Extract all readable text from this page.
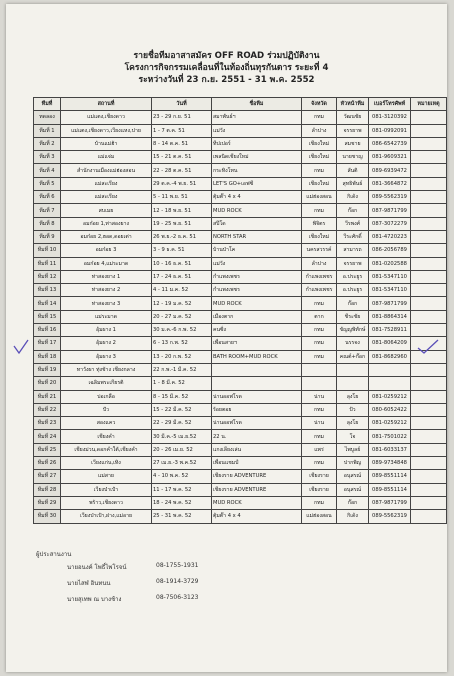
รายชื่อทีมอาสาสมัคร OFF ROAD ร่วมปฏิบัติงาน
โครงการกิจกรรมเคลื่อนที่ในท้องถิ่นทุรกันดาร ระยะที่ 4
ระหว่างวันที่ 23 ก.ย. 2551 - 31 พ.ค. 2552
ทีมที่	สถานที่	วันที่	ชื่อทีม	จังหวัด	หัวหน้าทีม	เบอร์โทรศัพท์	หมายเหตุ
ทดลอง	แม่แตง,เชียงดาว	23 - 29 ก.ย. 51	สมาพันธ์ฯ	กทม	วัฒนชัย	081-3120392	
ทีมที่ 1	แม่แตง,เชียงดาว,เวียงแหง,ปาย	1 - 7 ต.ค. 51	แม่วัง	ลำปาง	จรรยาพ	081-0992091	
ทีมที่ 2	บ้านแม่ฮ้า	8 - 14 ต.ค. 51	ทีปเปอร์	เชียงใหม่	สมชาย	086-6542739	
ทีมที่ 3	แม่แจ่ม	15 - 21 ต.ค. 51	เพลนิดเชียงใหม่	เชียงใหม่	นายชาญ	081-9609321	
ทีมที่ 4	สำนักงานเมืองแม่ฮ่องสอน	22 - 28 ต.ค. 51	กระทิงโทน	กทม	สันติ	089-6939472	
ทีมที่ 5	แม่สะเรียง	29 ต.ค.-4 พ.ย. 51	LET'S GO+เอฟซี	เชียงใหม่	สุทธิพันธ์	081-3664872	
ทีมที่ 6	แม่สะเรียง	5 - 11 พ.ย. 51	ตุ้มต๊า 4 x 4	แม่ฮ่องสอน	กิเด้ง	089-5562319	
ทีมที่ 7	สบเมย	12 - 18 พ.ย. 51	MUD ROCK	กทม	ก๊อก	087-9871799	
ทีมที่ 8	อมก๋อย 1,ท่าสองยาง	19 - 25 พ.ย. 51	สปีโด	พิจิตร	วีรพงศ์	087-3072279	
ทีมที่ 9	อมก๋อย 2,ฮอด,ดอยเต่า	26 พ.ย.-2 ธ.ค. 51	NORTH STAR	เชียงใหม่	วีระศักดิ์	081-4720223	
ทีมที่ 10	อมก๋อย 3	3 - 9 ธ.ค. 51	บ้านป่าโค	นครสวรรค์	สามารถ	086-2056789	
ทีมที่ 11	อมก๋อย 4,แม่ระมาด	10 - 16 ธ.ค. 51	แม่วัง	ลำปาง	จรรยาพ	081-0202588	
ทีมที่ 12	ท่าสองยาง 1	17 - 24 ธ.ค. 51	กำแพงเพชร	กำแพงเพชร	อ.ประยูร	081-5347110	
ทีมที่ 13	ท่าสองยาง 2	4 - 11 ม.ค. 52	กำแพงเพชร	กำแพงเพชร	อ.ประยูร	081-5347110	
ทีมที่ 14	ท่าสองยาง 3	12 - 19 ม.ค. 52	MUD ROCK	กทม	ก๊อก	087-9871799	
ทีมที่ 15	แม่ระมาด	20 - 27 ม.ค. 52	เมืองตาก	ตาก	ชีระชัย	081-8864314	
ทีมที่ 16	อุ้มผาง 1	30 ม.ค.-6 ก.พ. 52	คนซิ่ง	กทม	ขัญญพิทักษ์	081-7528911	
ทีมที่ 17	อุ้มผาง 2	6 - 13 ก.พ. 52	เพื่อนสายฯ	กทม	นรรจง	081-8064209	
ทีมที่ 18	อุ้มผาง 3	13 - 20 ก.พ. 52	BATH ROOM+MUD ROCK	กทม	คณต์+ก๊อก	081-8682960	
ทีมที่ 19	ทาวังผา ทุ่งช้าง เชียงกลาง	22 ก.พ.-1 มี.ค. 52					
ทีมที่ 20	เฉลิมพระเกียรติ	1 - 8 มี.ค. 52					
ทีมที่ 21	บ่อเกลือ	8 - 15 มี.ค. 52	น่านออฟโรด	น่าน	ลุงโย	081-0259212	
ทีมที่ 22	ปัว	15 - 22 มี.ค. 52	ร้อยตอย	กทม	ปัว	080-6052422	
ทีมที่ 23	สองแคว	22 - 29 มี.ค. 52	น่านออฟโรด	น่าน	ลุงโย	081-0259212	
ทีมที่ 24	เชียงคำ	30 มี.ค.-5 เม.ย.52	22 น.	กทม	โจ	081-7501022	
ทีมที่ 25	เชียงม่วน,ดอกคำใต้,เชียงคำ	20 - 26 เม.ย. 52	แกงเลียงเล่น	แพร่	ไพบูลย์	081-6033137	
ทีมที่ 26	เวียงแก่น,เทิง	27 เม.ย.-3 พ.ค.52	เพื่อนแชมป์	กทม	ปากพิญ	089-9734848	
ทีมที่ 27	แม่สาย	4 - 10 พ.ค. 52	เชียงราย ADVENTURE	เชียงราย	อนุสรณ์	089-8551114	
ทีมที่ 28	เวียงป่าเป้า	11 - 17 พ.ค. 52	เชียงราย ADVENTURE	เชียงราย	อนุสรณ์	089-8551114	
ทีมที่ 29	พร้าว,เชียงดาว	18 - 24 พ.ค. 52	MUD ROCK	กทม	ก๊อก	087-9871799	
ทีมที่ 30	เวียงป่าเป้า,ฝาง,แม่อาย	25 - 31 พ.ค. 52	ตุ้มต๊า 4 x 4	แม่ฮ่องสอน	กิเด้ง	089-5562319	
ผู้ประสานงาน
นายอนงค์ โพธิ์ไพโรจน์	08-1755-1931
นายไสฬ อินทนน	08-1914-3729
นายสุเทพ ณ บางช้าง	08-7506-3123
